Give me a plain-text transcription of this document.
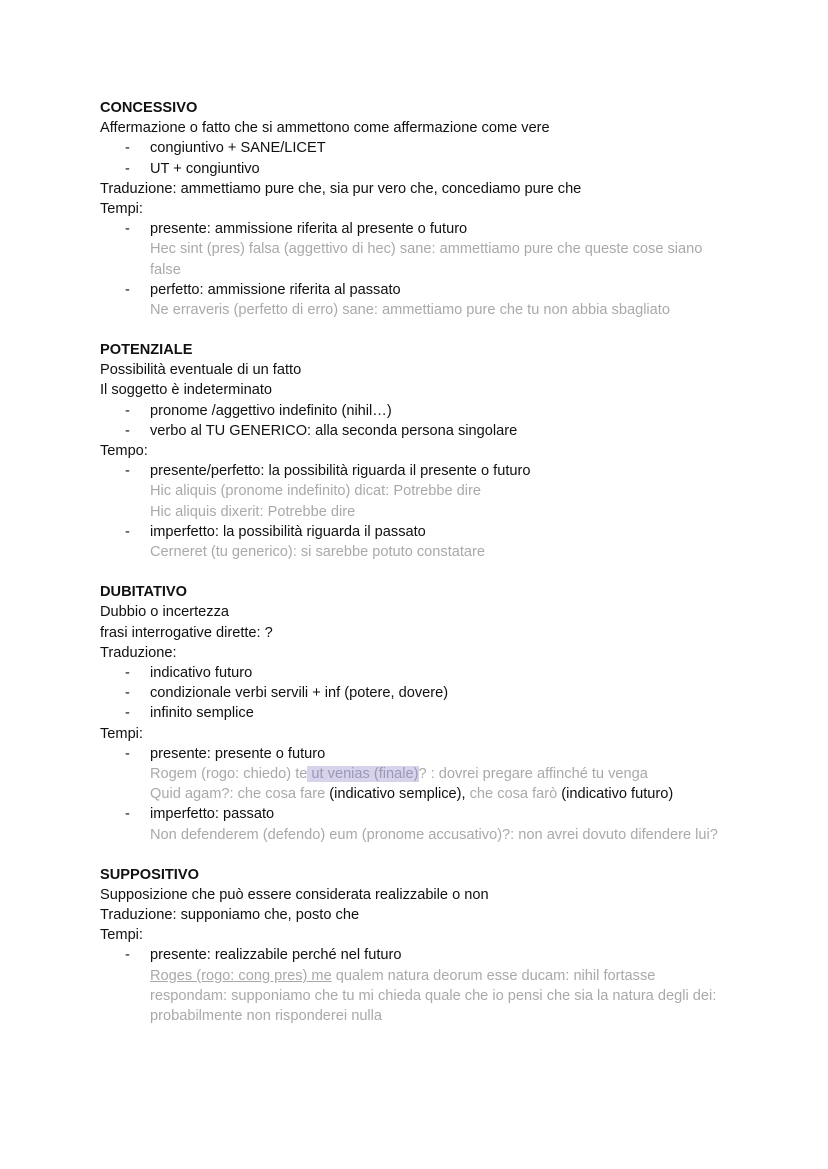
CONCESSIVO
Affermazione o fatto che si ammettono come affermazione come vere
- congiuntivo + SANE/LICET
- UT + congiuntivo
Traduzione: ammettiamo pure che, sia pur vero che, concediamo pure che
Tempi:
- presente: ammissione riferita al presente o futuro
Hec sint (pres) falsa (aggettivo di hec) sane: ammettiamo pure che queste cose siano false
- perfetto: ammissione riferita al passato
Ne erraveris (perfetto di erro) sane: ammettiamo pure che tu non abbia sbagliato
POTENZIALE
Possibilità eventuale di un fatto
Il soggetto è indeterminato
- pronome /aggettivo indefinito (nihil…)
- verbo al TU GENERICO: alla seconda persona singolare
Tempo:
- presente/perfetto: la possibilità riguarda il presente o futuro
Hic aliquis (pronome indefinito) dicat: Potrebbe dire
Hic aliquis dixerit: Potrebbe dire
- imperfetto: la possibilità riguarda il passato
Cerneret (tu generico): si sarebbe potuto constatare
DUBITATIVO
Dubbio o incertezza
frasi interrogative dirette: ?
Traduzione:
- indicativo futuro
- condizionale verbi servili + inf (potere, dovere)
- infinito semplice
Tempi:
- presente: presente o futuro
Rogem (rogo: chiedo) te ut venias (finale)? : dovrei pregare affinché tu venga
Quid agam?: che cosa fare (indicativo semplice), che cosa farò (indicativo futuro)
- imperfetto: passato
Non defenderem (defendo) eum (pronome accusativo)?: non avrei dovuto difendere lui?
SUPPOSITIVO
Supposizione che può essere considerata realizzabile o non
Traduzione: supponiamo che, posto che
Tempi:
- presente: realizzabile perché nel futuro
Roges (rogo: cong pres) me qualem natura deorum esse ducam: nihil fortasse respondam: supponiamo che tu mi chieda quale che io pensi che sia la natura degli dei: probabilmente non risponderei nulla
